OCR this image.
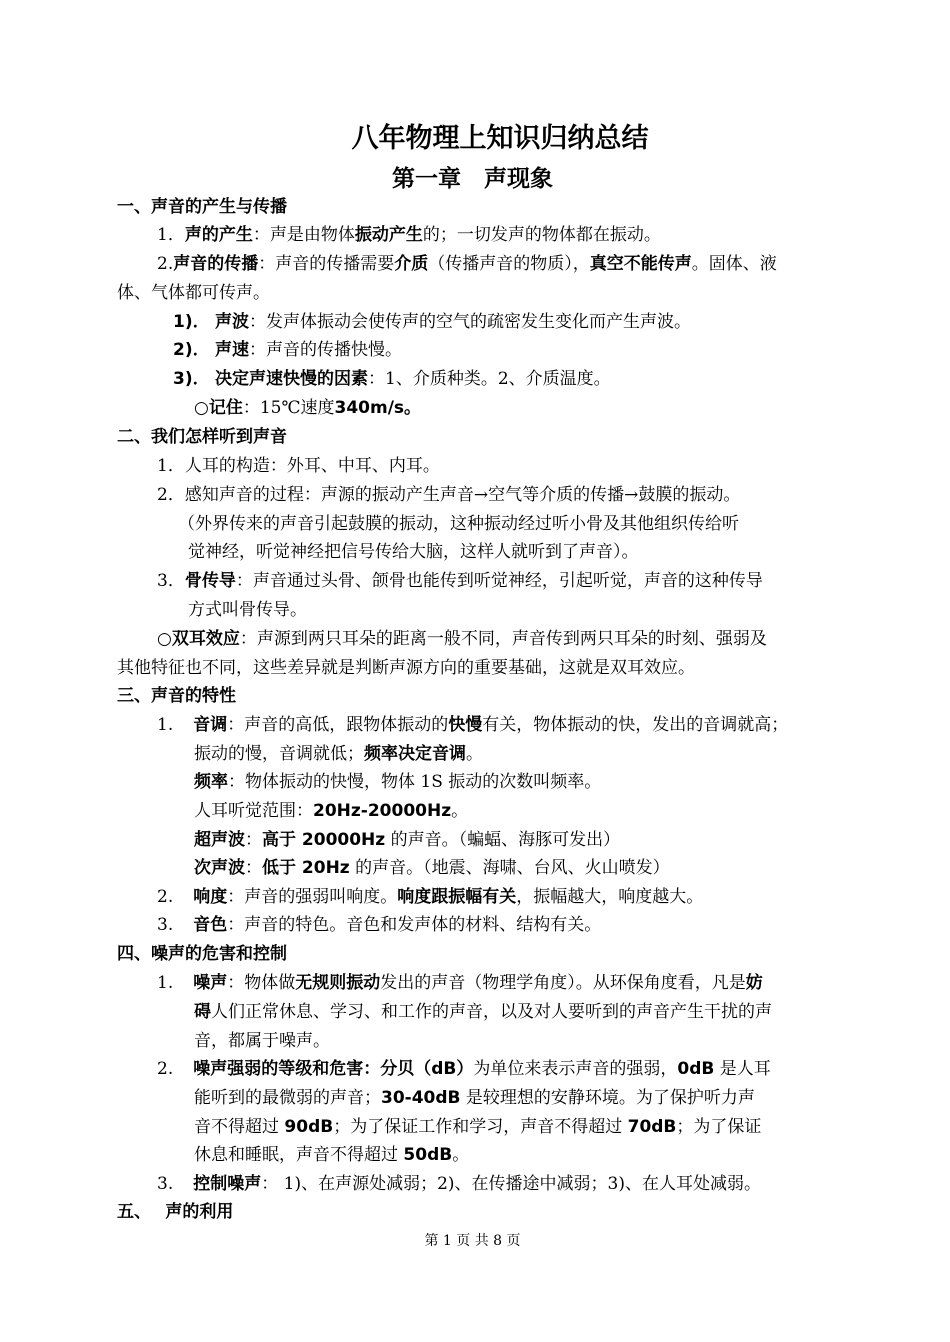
八年物理上知识归纳总结
第一章　声现象
一、声音的产生与传播
1．声的产生：声是由物体振动产生的；一切发声的物体都在振动。
2.声音的传播：声音的传播需要介质（传播声音的物质），真空不能传声。固体、液
体、气体都可传声。
1)． 声波：发声体振动会使传声的空气的疏密发生变化而产生声波。
2)． 声速：声音的传播快慢。
3)． 决定声速快慢的因素：1、介质种类。2、介质温度。
○记住：15℃速度340m/s。
二、我们怎样听到声音
1．人耳的构造：外耳、中耳、内耳。
2．感知声音的过程：声源的振动产生声音→空气等介质的传播→鼓膜的振动。
（外界传来的声音引起鼓膜的振动，这种振动经过听小骨及其他组织传给听
觉神经，听觉神经把信号传给大脑，这样人就听到了声音）。
3．骨传导：声音通过头骨、颌骨也能传到听觉神经，引起听觉，声音的这种传导
方式叫骨传导。
○双耳效应：声源到两只耳朵的距离一般不同，声音传到两只耳朵的时刻、强弱及
其他特征也不同，这些差异就是判断声源方向的重要基础，这就是双耳效应。
三、声音的特性
1. 音调：声音的高低，跟物体振动的快慢有关，物体振动的快，发出的音调就高；
振动的慢，音调就低；频率决定音调。
频率：物体振动的快慢，物体 1S 振动的次数叫频率。
人耳听觉范围：20Hz-20000Hz。
超声波：高于 20000Hz 的声音。（蝙蝠、海豚可发出）
次声波：低于 20Hz 的声音。（地震、海啸、台风、火山喷发）
2. 响度：声音的强弱叫响度。响度跟振幅有关，振幅越大，响度越大。
3. 音色：声音的特色。音色和发声体的材料、结构有关。
四、噪声的危害和控制
1. 噪声：物体做无规则振动发出的声音（物理学角度）。从环保角度看，凡是妨
碍人们正常休息、学习、和工作的声音，以及对人要听到的声音产生干扰的声
音，都属于噪声。
2. 噪声强弱的等级和危害：分贝（dB）为单位来表示声音的强弱，0dB 是人耳
能听到的最微弱的声音；30-40dB 是较理想的安静环境。为了保护听力声
音不得超过 90dB；为了保证工作和学习，声音不得超过 70dB；为了保证
休息和睡眠，声音不得超过 50dB。
3. 控制噪声： 1)、在声源处减弱；2)、在传播途中减弱；3)、在人耳处减弱。
五、　 声的利用
第 1 页 共 8 页
